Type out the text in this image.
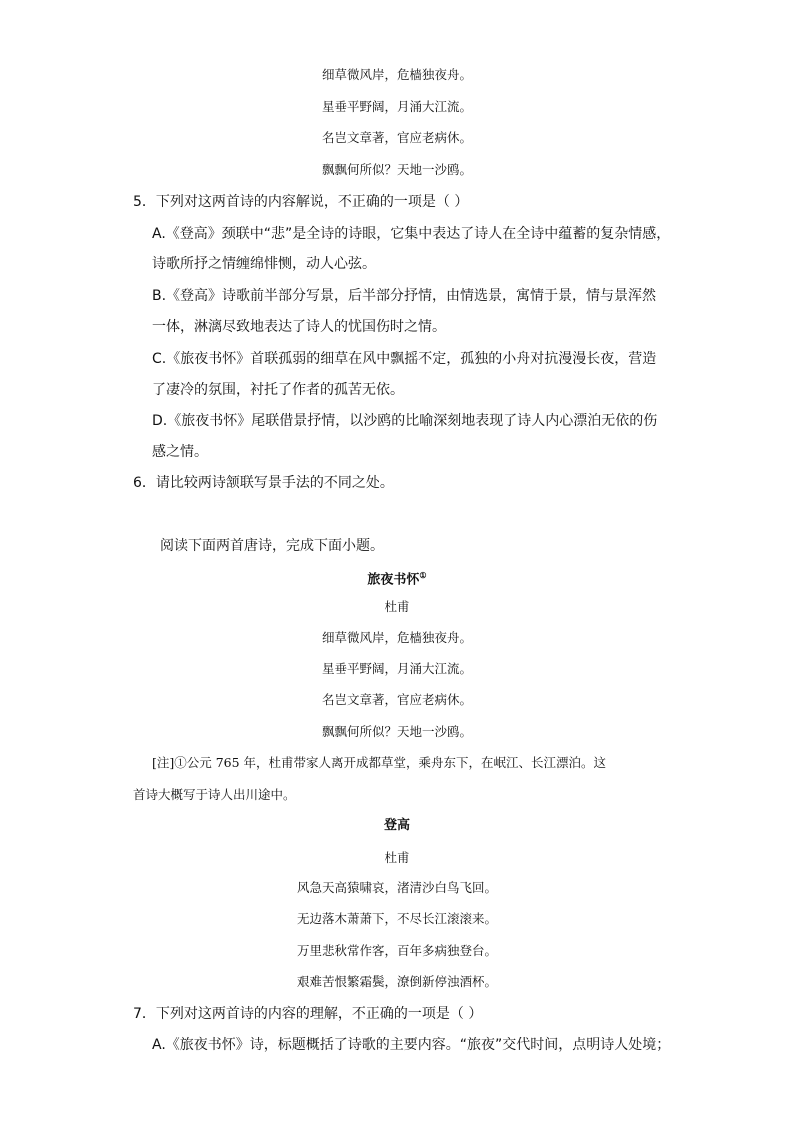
细草微风岸，危樯独夜舟。
星垂平野阔，月涌大江流。
名岂文章著，官应老病休。
飘飘何所似？天地一沙鸥。
5．下列对这两首诗的内容解说，不正确的一项是（ ）
A.《登高》颈联中“悲”是全诗的诗眼，它集中表达了诗人在全诗中蕴蓄的复杂情感，
诗歌所抒之情缠绵悱恻，动人心弦。
B.《登高》诗歌前半部分写景，后半部分抒情，由情选景，寓情于景，情与景浑然
一体，淋漓尽致地表达了诗人的忧国伤时之情。
C.《旅夜书怀》首联孤弱的细草在风中飘摇不定，孤独的小舟对抗漫漫长夜，营造
了凄冷的氛围，衬托了作者的孤苦无依。
D.《旅夜书怀》尾联借景抒情，以沙鸥的比喻深刻地表现了诗人内心漂泊无依的伤
感之情。
6．请比较两诗颔联写景手法的不同之处。
阅读下面两首唐诗，完成下面小题。
旅夜书怀①
杜甫
细草微风岸，危樯独夜舟。
星垂平野阔，月涌大江流。
名岂文章著，官应老病休。
飘飘何所似？天地一沙鸥。
[注]①公元 765 年，杜甫带家人离开成都草堂，乘舟东下，在岷江、长江漂泊。这
首诗大概写于诗人出川途中。
登高
杜甫
风急天高猿啸哀，渚清沙白鸟飞回。
无边落木萧萧下，不尽长江滚滚来。
万里悲秋常作客，百年多病独登台。
艰难苦恨繁霜鬓，潦倒新停浊酒杯。
7．下列对这两首诗的内容的理解，不正确的一项是（ ）
A.《旅夜书怀》诗，标题概括了诗歌的主要内容。“旅夜”交代时间，点明诗人处境；
